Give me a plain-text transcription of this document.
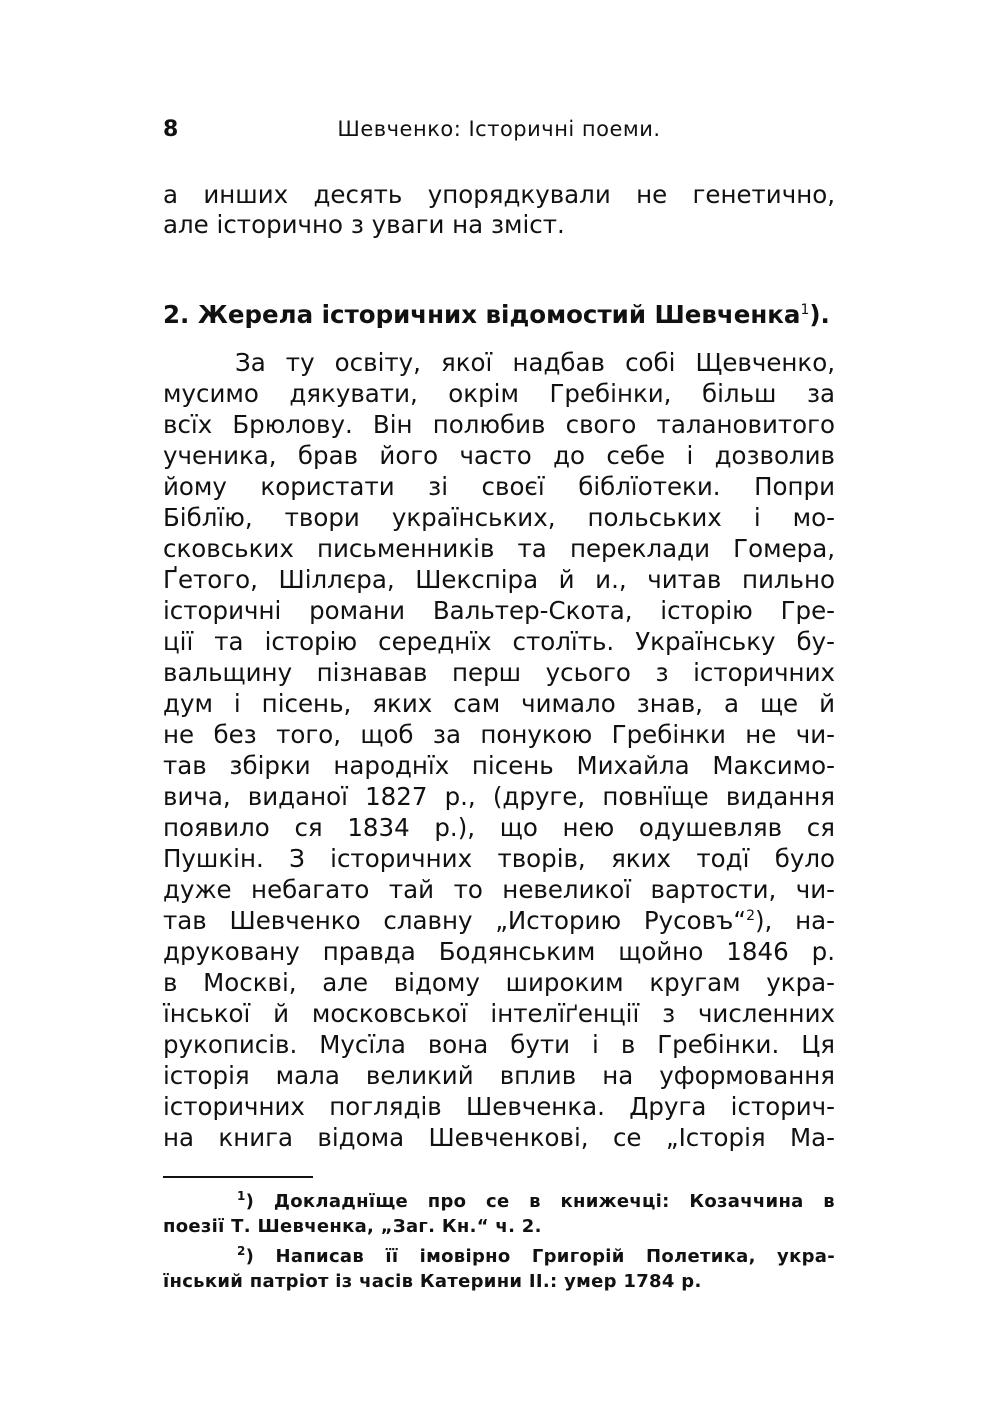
8	Шевченко: Історичні поеми.
а инших десять упорядкували не генетично,
але історично з уваги на зміст.
2. Жерела історичних відомостий Шевченка$^1$).
За ту освіту, якої надбав собі Щевченко,
мусимо дякувати, окрім Гребінки, більш за
всїх Брюлову. Він полюбив свого талановитого
ученика, брав його часто до себе і дозволив
йому користати зі своєї біблїотеки. Попри
Біблїю, твори українських, польських і мо-
сковських письменників та переклади Гомера,
Ґетого, Шіллєра, Шекспіра й и., читав пильно
історичні романи Вальтер-Скота, історію Гре-
ції та історію середнїх столїть. Українську бу-
вальщину пізнавав перш усього з історичних
дум і пісень, яких сам чимало знав, а ще й
не без того, щоб за понукою Гребінки не чи-
тав збірки народнїх пісень Михайла Максимо-
вича, виданої 1827 р., (друге, повнїще видання
появило ся 1834 р.), що нею одушевляв ся
Пушкін. З історичних творів, яких тодї було
дуже небагато тай то невеликої вартости, чи-
тав Шевченко славну „Историю Русовъ“$^2$), на-
друковану правда Бодянським щойно 1846 р.
в Москві, але відому широким кругам укра-
їнської й московської інтелїґенції з численних
рукописів. Мусїла вона бути і в Гребінки. Ця
історія мала великий вплив на уформовання
історичних поглядів Шевченка. Друга історич-
на книга відома Шевченкові, се „Історія Ма-
$^1$) Докладнїще про се в книжечці: Козаччина в
поезії Т. Шевченка, „Заг. Кн.“ ч. 2.
$^2$) Написав її імовірно Григорій Полетика, укра-
їнський патріот із часів Катерини II.: умер 1784 р.
